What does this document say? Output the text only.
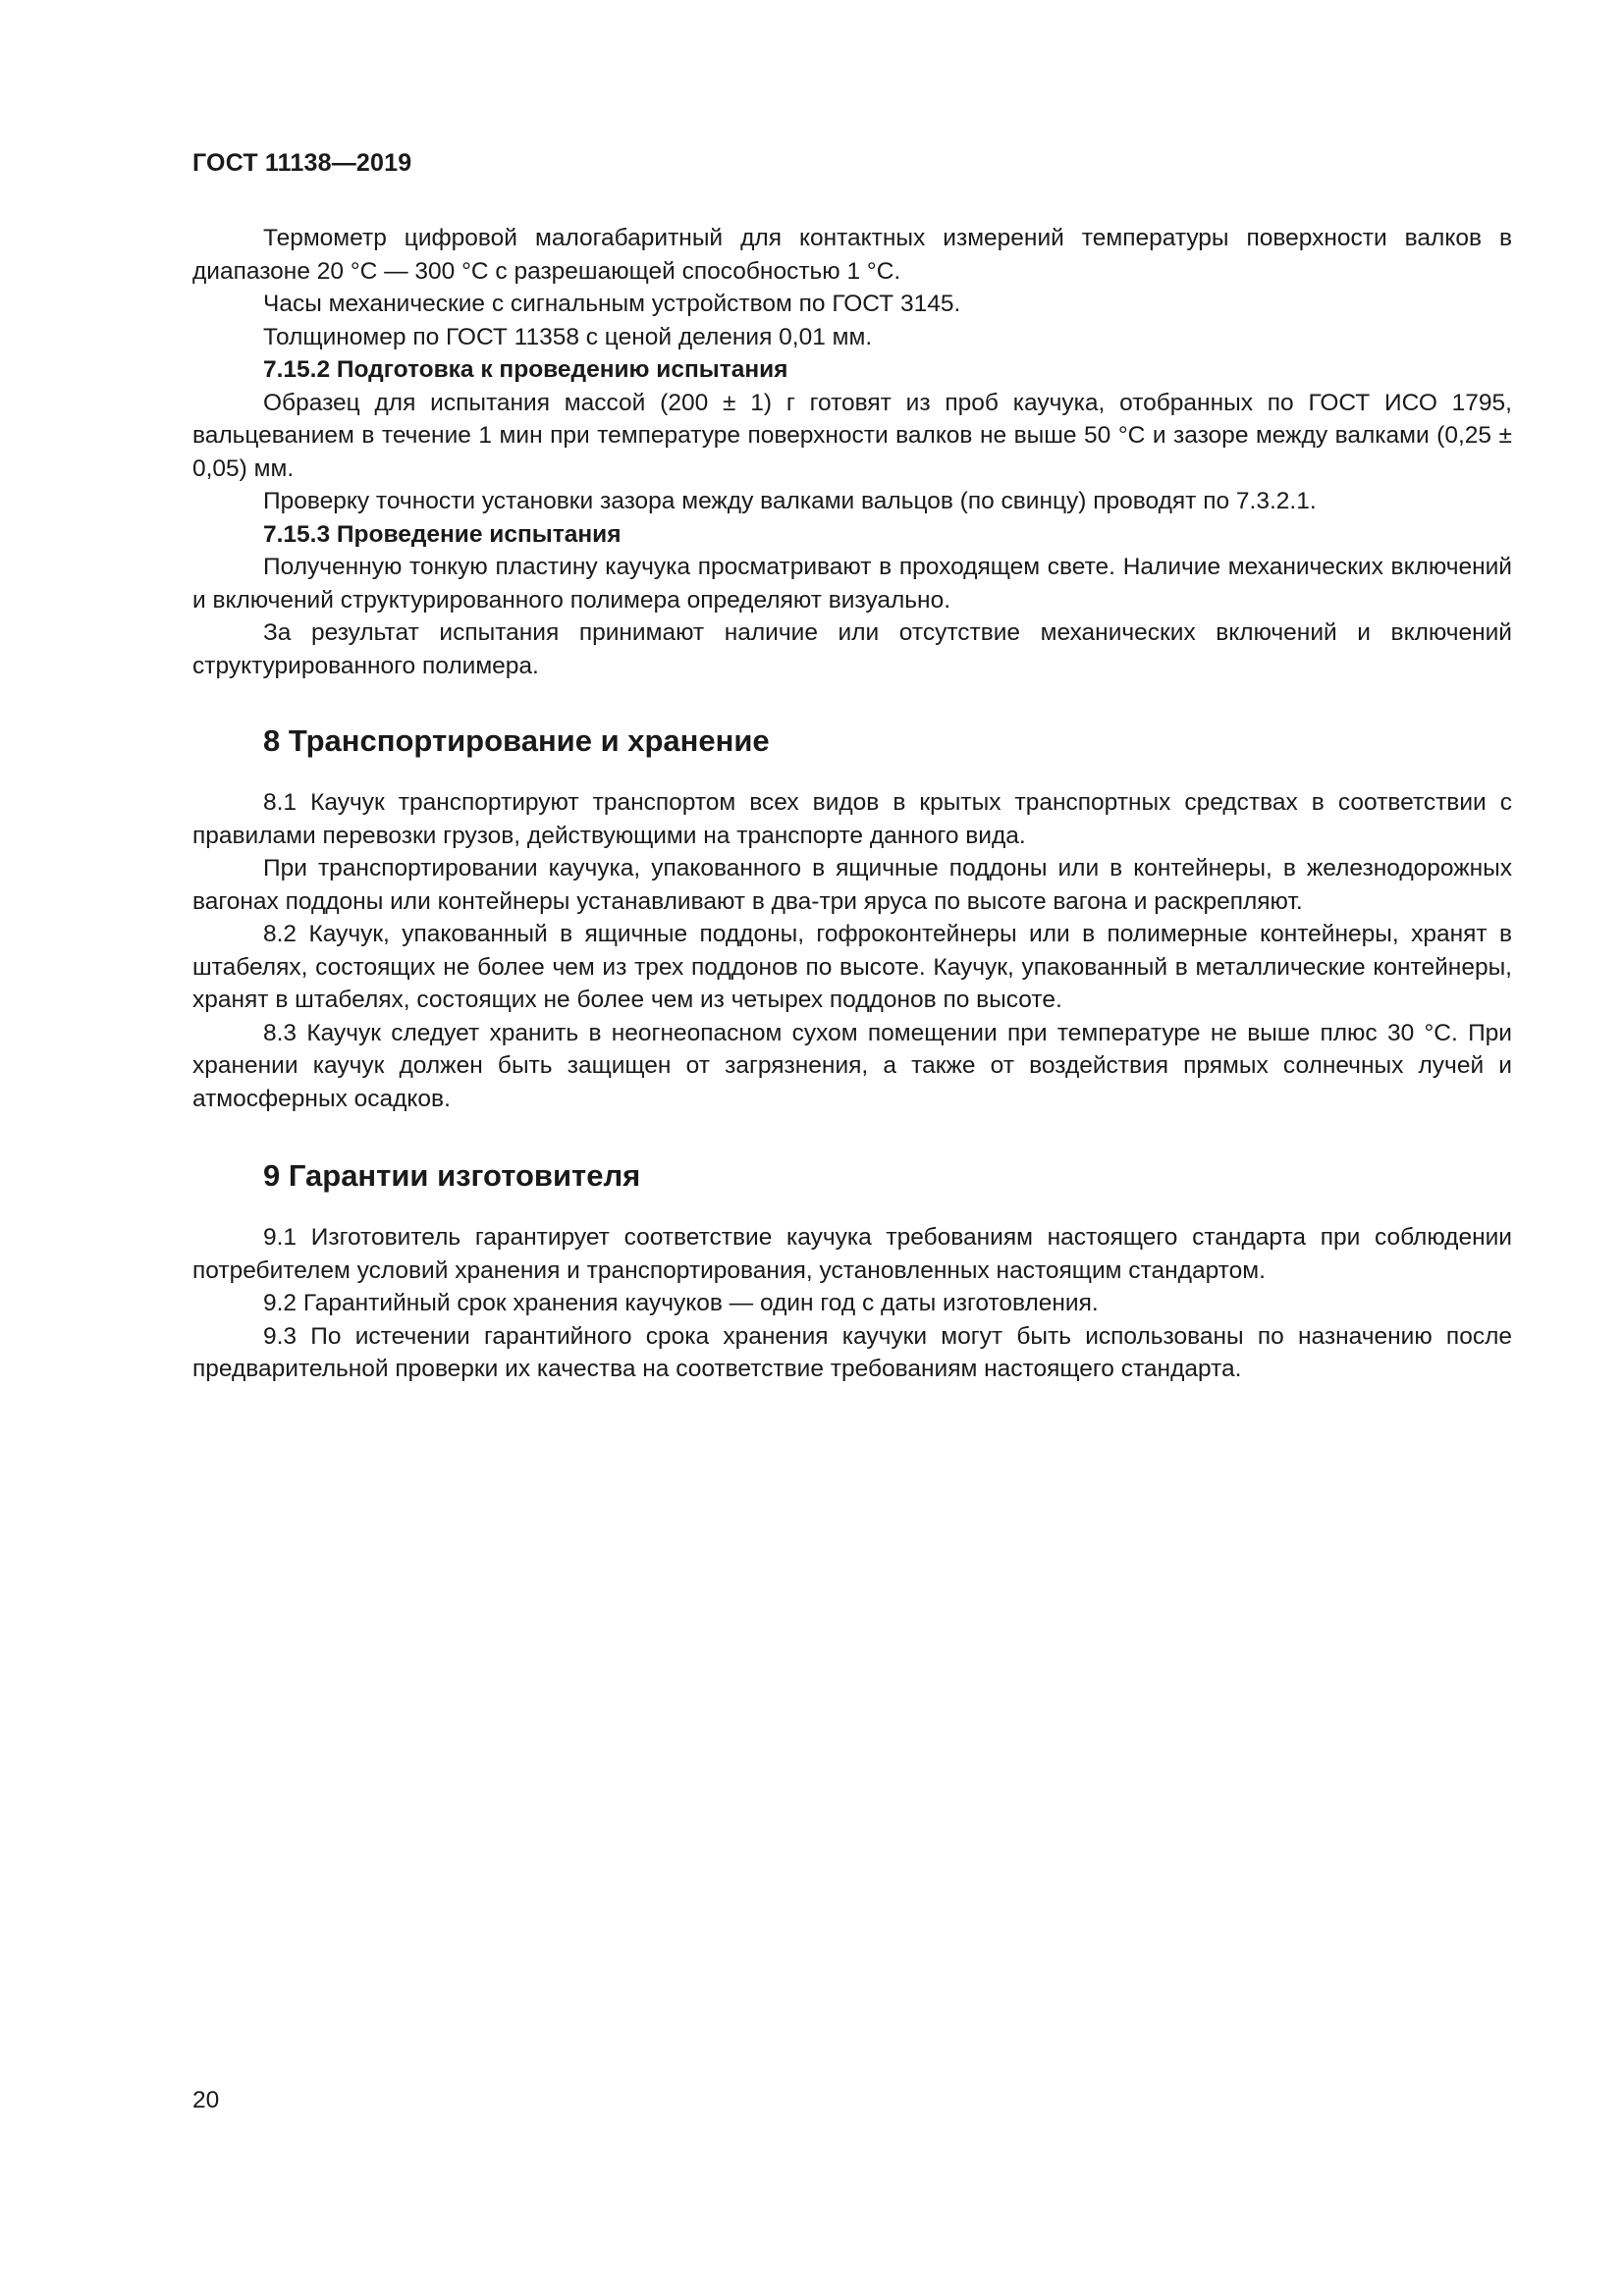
ГОСТ 11138—2019

Термометр цифровой малогабаритный для контактных измерений температуры поверхности валков в диапазоне 20 °С — 300 °С с разрешающей способностью 1 °С.

Часы механические с сигнальным устройством по ГОСТ 3145.

Толщиномер по ГОСТ 11358 с ценой деления 0,01 мм.

7.15.2 Подготовка к проведению испытания

Образец для испытания массой (200 ± 1) г готовят из проб каучука, отобранных по ГОСТ ИСО 1795, вальцеванием в течение 1 мин при температуре поверхности валков не выше 50 °С и зазоре между валками (0,25 ± 0,05) мм.

Проверку точности установки зазора между валками вальцов (по свинцу) проводят по 7.3.2.1.

7.15.3 Проведение испытания

Полученную тонкую пластину каучука просматривают в проходящем свете. Наличие механических включений и включений структурированного полимера определяют визуально.

За результат испытания принимают наличие или отсутствие механических включений и включений структурированного полимера.

8 Транспортирование и хранение

8.1 Каучук транспортируют транспортом всех видов в крытых транспортных средствах в соответствии с правилами перевозки грузов, действующими на транспорте данного вида.

При транспортировании каучука, упакованного в ящичные поддоны или в контейнеры, в железнодорожных вагонах поддоны или контейнеры устанавливают в два-три яруса по высоте вагона и раскрепляют.

8.2 Каучук, упакованный в ящичные поддоны, гофроконтейнеры или в полимерные контейнеры, хранят в штабелях, состоящих не более чем из трех поддонов по высоте. Каучук, упакованный в металлические контейнеры, хранят в штабелях, состоящих не более чем из четырех поддонов по высоте.

8.3 Каучук следует хранить в неогнеопасном сухом помещении при температуре не выше плюс 30 °С. При хранении каучук должен быть защищен от загрязнения, а также от воздействия прямых солнечных лучей и атмосферных осадков.

9 Гарантии изготовителя

9.1 Изготовитель гарантирует соответствие каучука требованиям настоящего стандарта при соблюдении потребителем условий хранения и транспортирования, установленных настоящим стандартом.

9.2 Гарантийный срок хранения каучуков — один год с даты изготовления.

9.3 По истечении гарантийного срока хранения каучуки могут быть использованы по назначению после предварительной проверки их качества на соответствие требованиям настоящего стандарта.

20
